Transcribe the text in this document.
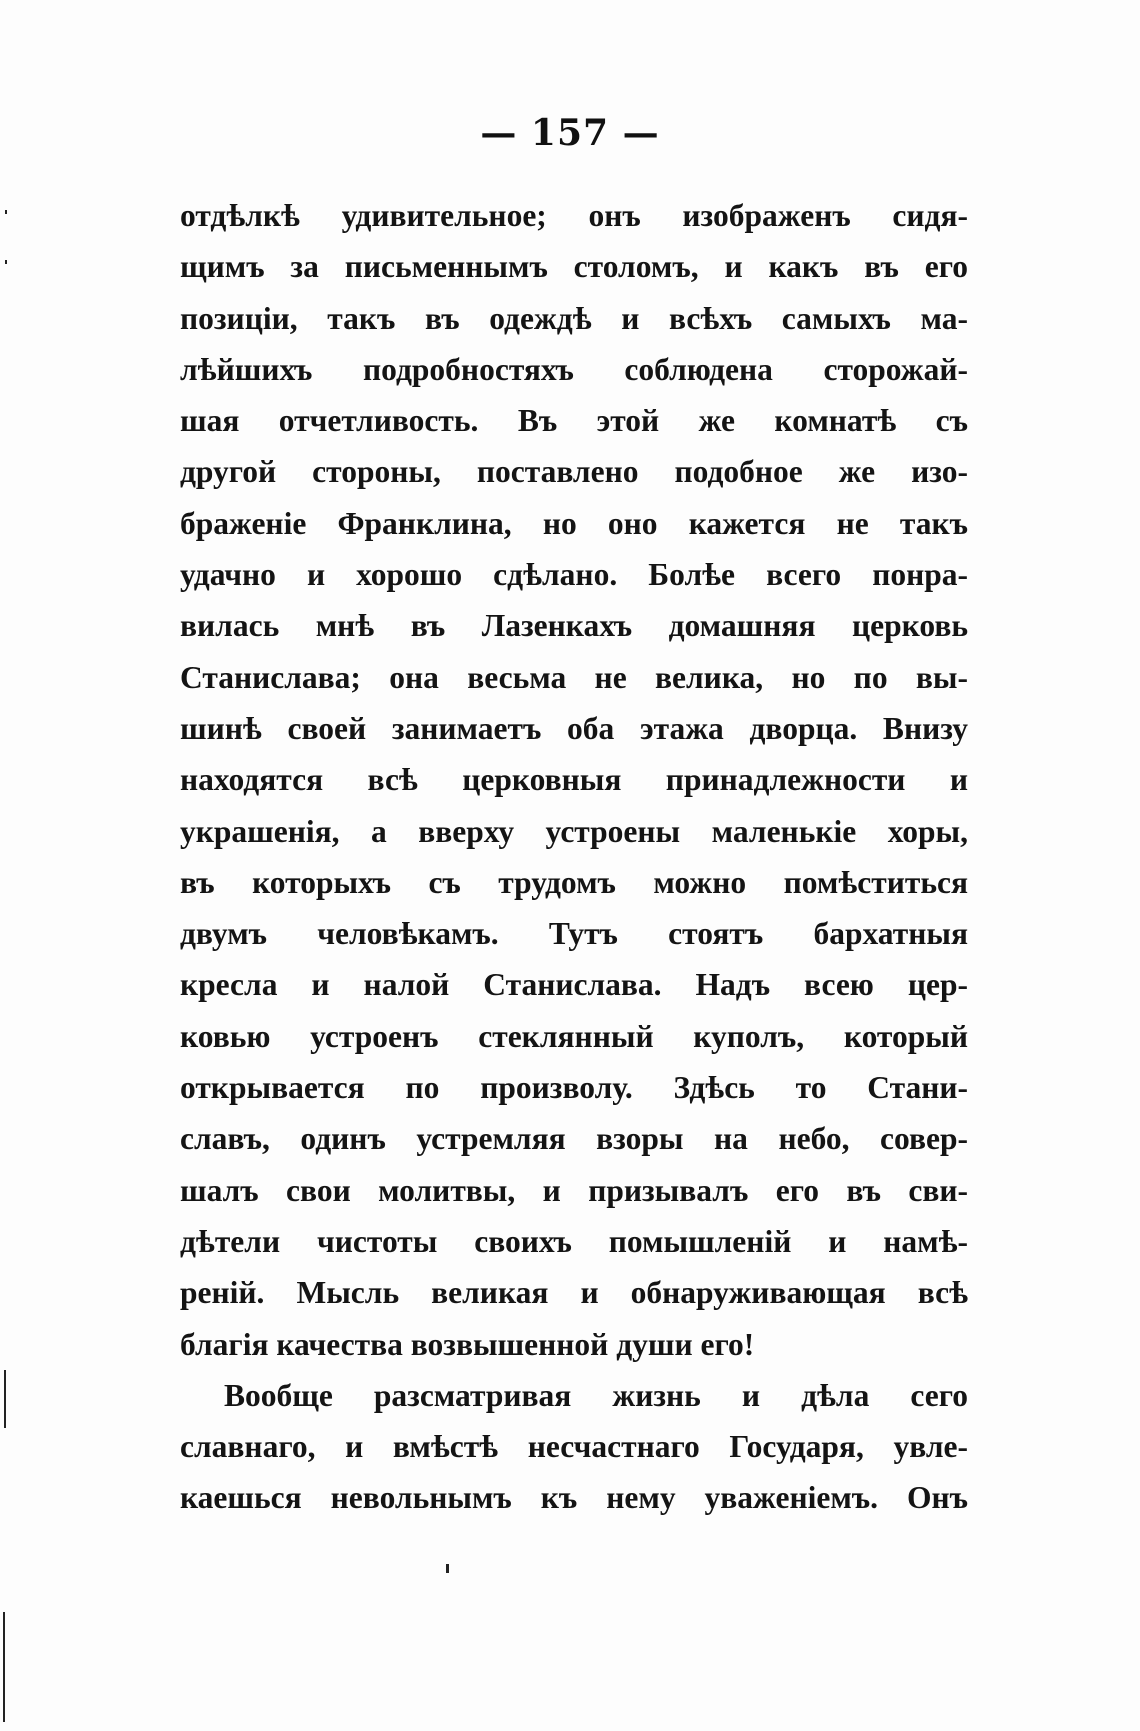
— 157 —
отдѣлкѣ удивительное; онъ изображенъ сидя-
щимъ за письменнымъ столомъ, и какъ въ его
позиціи, такъ въ одеждѣ и всѣхъ самыхъ ма-
лѣйшихъ подробностяхъ соблюдена сторожай-
шая отчетливость. Въ этой же комнатѣ съ
другой стороны, поставлено подобное же изо-
браженіе Франклина, но оно кажется не такъ
удачно и хорошо сдѣлано. Болѣе всего понра-
вилась мнѣ въ Лазенкахъ домашняя церковь
Станислава; она весьма не велика, но по вы-
шинѣ своей занимаетъ оба этажа дворца. Внизу
находятся всѣ церковныя принадлежности и
украшенія, а вверху устроены маленькіе хоры,
въ которыхъ съ трудомъ можно помѣститься
двумъ человѣкамъ. Тутъ стоятъ бархатныя
кресла и налой Станислава. Надъ всею цер-
ковью устроенъ стеклянный куполъ, который
открывается по произволу. Здѣсь то Стани-
славъ, одинъ устремляя взоры на небо, совер-
шалъ свои молитвы, и призывалъ его въ сви-
дѣтели чистоты своихъ помышленій и намѣ-
реній. Мысль великая и обнаруживающая всѣ
благія качества возвышенной души его!
Вообще разсматривая жизнь и дѣла сего
славнаго, и вмѣстѣ несчастнаго Государя, увле-
каешься невольнымъ къ нему уваженіемъ. Онъ
